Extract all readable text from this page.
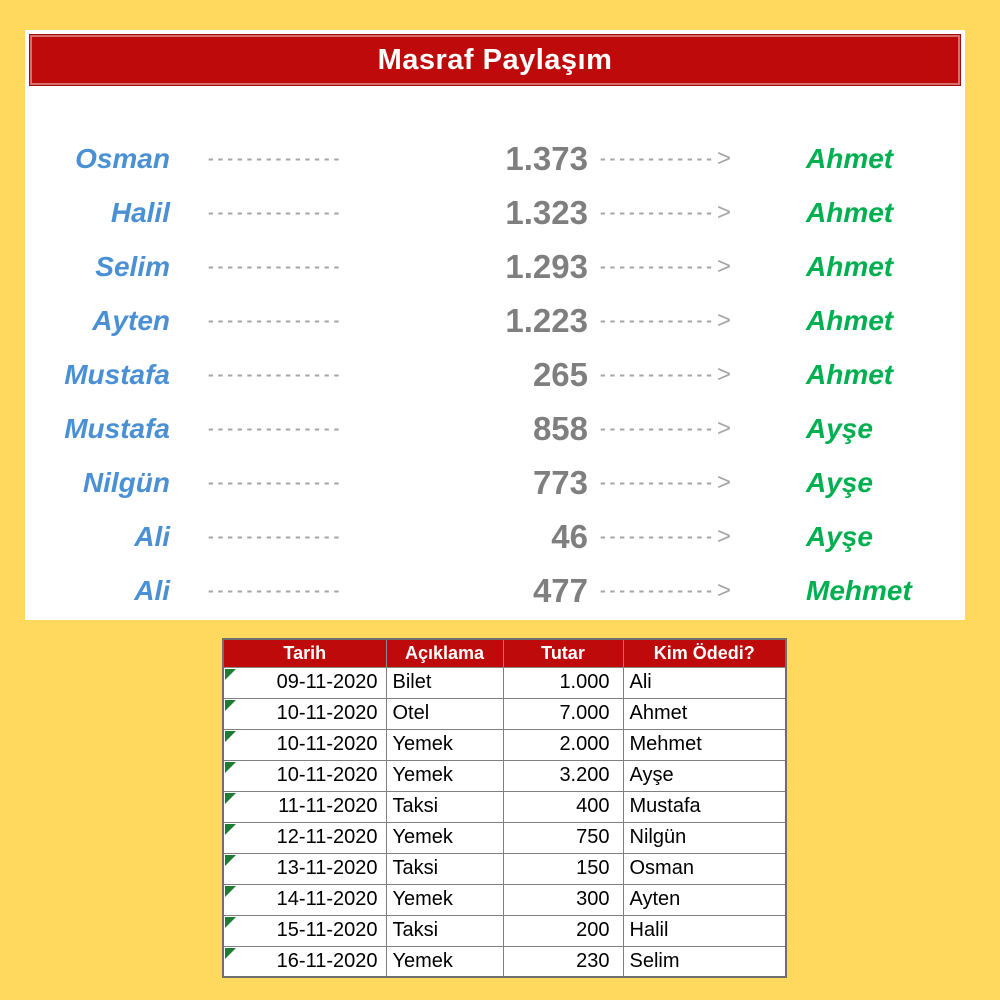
Masraf Paylaşım
Osman --------------	1.373 ------------ >	Ahmet
Halil --------------	1.323 ------------ >	Ahmet
Selim --------------	1.293 ------------ >	Ahmet
Ayten --------------	1.223 ------------ >	Ahmet
Mustafa --------------	265 ------------ >	Ahmet
Mustafa --------------	858 ------------ >	Ayşe
Nilgün --------------	773 ------------ >	Ayşe
Ali --------------	46 ------------ >	Ayşe
Ali --------------	477 ------------ >	Mehmet
Tarih	Açıklama	Tutar	Kim Ödedi?

09-11-2020	Bilet	1.000	Ali

10-11-2020	Otel	7.000	Ahmet

10-11-2020	Yemek	2.000	Mehmet

10-11-2020	Yemek	3.200	Ayşe

11-11-2020	Taksi	400	Mustafa

12-11-2020	Yemek	750	Nilgün

13-11-2020	Taksi	150	Osman

14-11-2020	Yemek	300	Ayten

15-11-2020	Taksi	200	Halil

16-11-2020	Yemek	230	Selim
